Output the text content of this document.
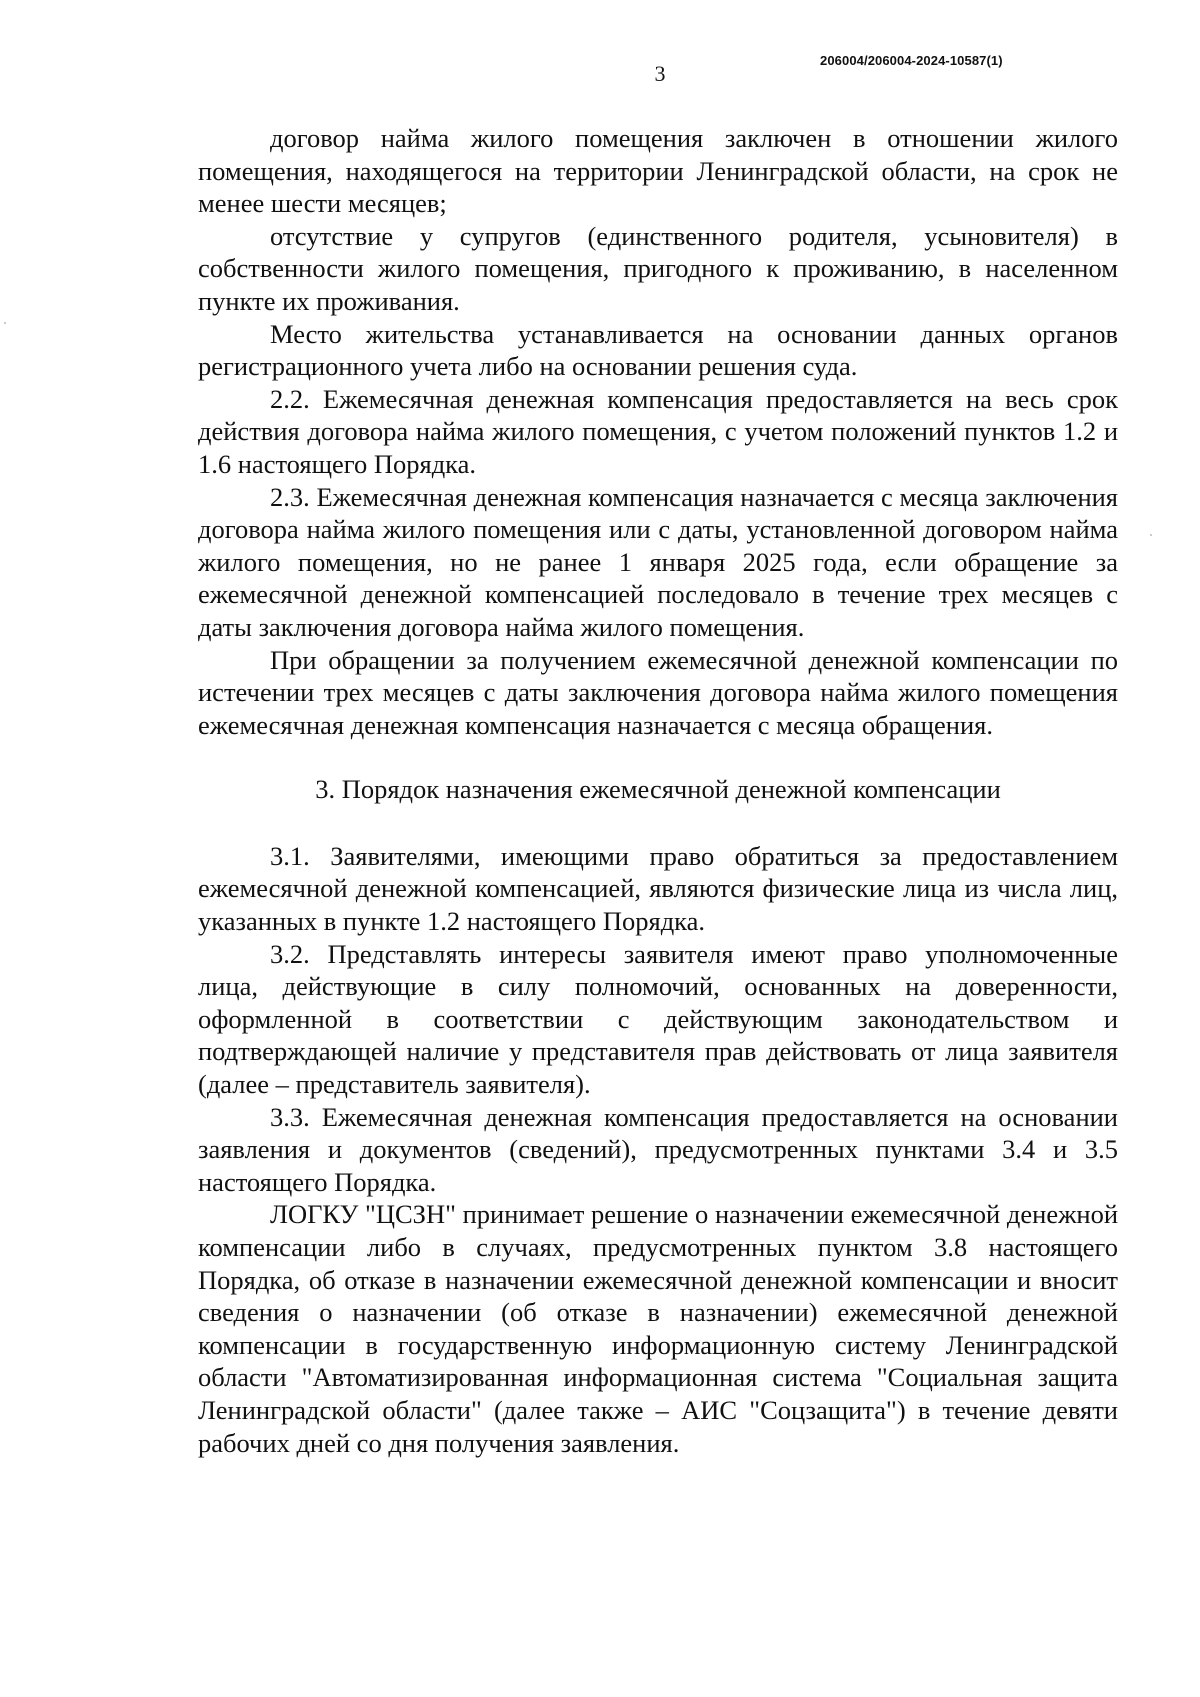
3
206004/206004-2024-10587(1)

договор найма жилого помещения заключен в отношении жилого помещения, находящегося на территории Ленинградской области, на срок не менее шести месяцев;

отсутствие у супругов (единственного родителя, усыновителя) в собственности жилого помещения, пригодного к проживанию, в населенном пункте их проживания.

Место жительства устанавливается на основании данных органов регистрационного учета либо на основании решения суда.

2.2. Ежемесячная денежная компенсация предоставляется на весь срок действия договора найма жилого помещения, с учетом положений пунктов 1.2 и 1.6 настоящего Порядка.

2.3. Ежемесячная денежная компенсация назначается с месяца заключения договора найма жилого помещения или с даты, установленной договором найма жилого помещения, но не ранее 1 января 2025 года, если обращение за ежемесячной денежной компенсацией последовало в течение трех месяцев с даты заключения договора найма жилого помещения.

При обращении за получением ежемесячной денежной компенсации по истечении трех месяцев с даты заключения договора найма жилого помещения ежемесячная денежная компенсация назначается с месяца обращения.

3. Порядок назначения ежемесячной денежной компенсации

3.1. Заявителями, имеющими право обратиться за предоставлением ежемесячной денежной компенсацией, являются физические лица из числа лиц, указанных в пункте 1.2 настоящего Порядка.

3.2. Представлять интересы заявителя имеют право уполномоченные лица, действующие в силу полномочий, основанных на доверенности, оформленной в соответствии с действующим законодательством и подтверждающей наличие у представителя прав действовать от лица заявителя (далее – представитель заявителя).

3.3. Ежемесячная денежная компенсация предоставляется на основании заявления и документов (сведений), предусмотренных пунктами 3.4 и 3.5 настоящего Порядка.

ЛОГКУ "ЦСЗН" принимает решение о назначении ежемесячной денежной компенсации либо в случаях, предусмотренных пунктом 3.8 настоящего Порядка, об отказе в назначении ежемесячной денежной компенсации и вносит сведения о назначении (об отказе в назначении) ежемесячной денежной компенсации в государственную информационную систему Ленинградской области "Автоматизированная информационная система "Социальная защита Ленинградской области" (далее также – АИС "Соцзащита") в течение девяти рабочих дней со дня получения заявления.
